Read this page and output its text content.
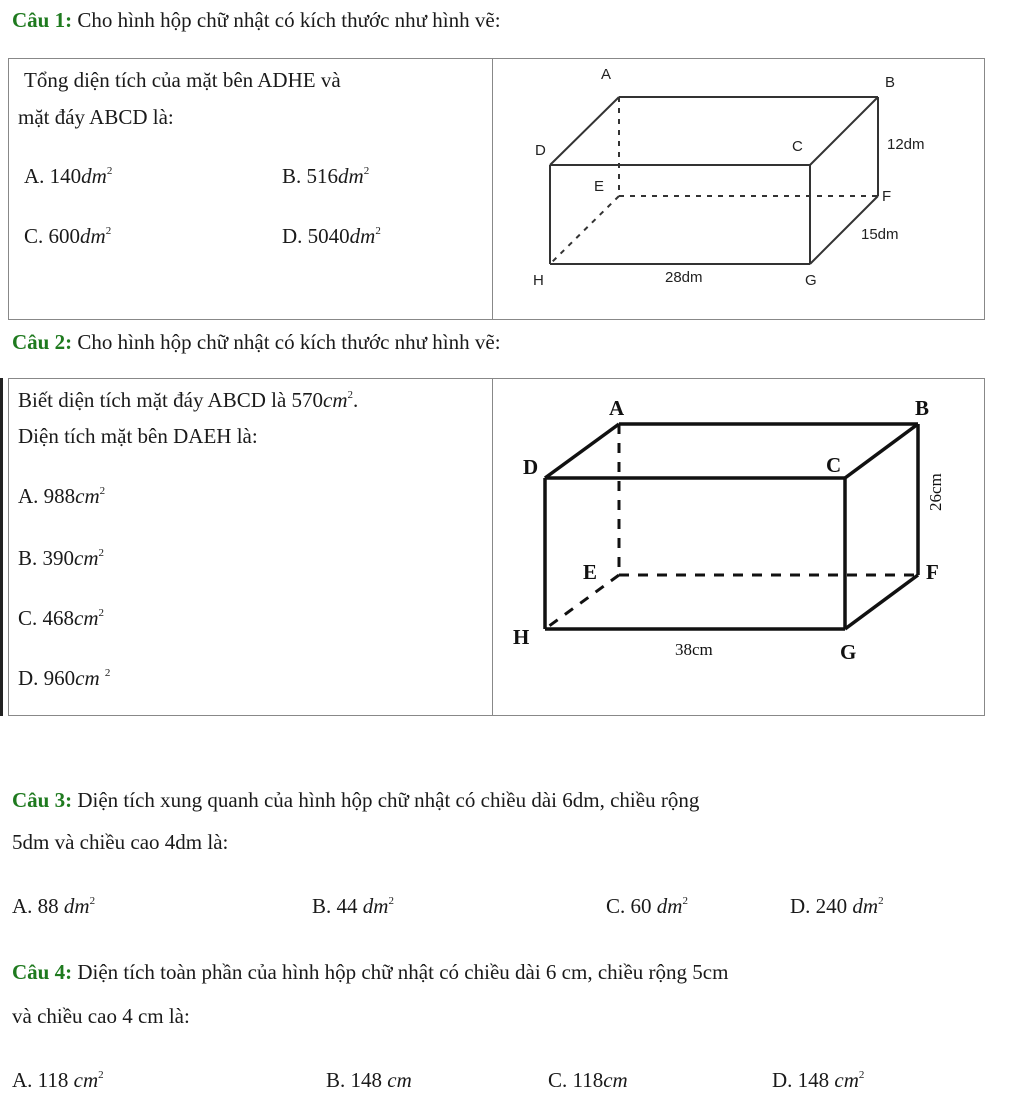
Câu 1: Cho hình hộp chữ nhật có kích thước như hình vẽ:
Tổng diện tích của mặt bên ADHE và
mặt đáy ABCD là:
A. $140dm^2$	B. $516dm^2$
C. $600dm^2$	D. $5040dm^2$
A	B
C
D
E
F
G
H
12dm
15dm
28dm
Câu 2: Cho hình hộp chữ nhật có kích thước như hình vẽ:
Biết diện tích mặt đáy ABCD là $570cm^2$.
Diện tích mặt bên DAEH là:
A. $988cm^2$
B. $390cm^2$
C. $468cm^2$
D. 960cm $^2$
A	B
C
D
E	F
G
H
26cm
38cm
Câu 3: Diện tích xung quanh của hình hộp chữ nhật có chiều dài 6dm, chiều rộng
5dm và chiều cao 4dm là:
A. 88 $dm^2$	B. 44 $dm^2$	C. 60 $dm^2$	D. 240 $dm^2$
Câu 4: Diện tích toàn phần của hình hộp chữ nhật có chiều dài 6 cm, chiều rộng 5cm
và chiều cao 4 cm là:
A. 118 $cm^2$	B. 148 cm	C. 118cm	D. 148 $cm^2$
